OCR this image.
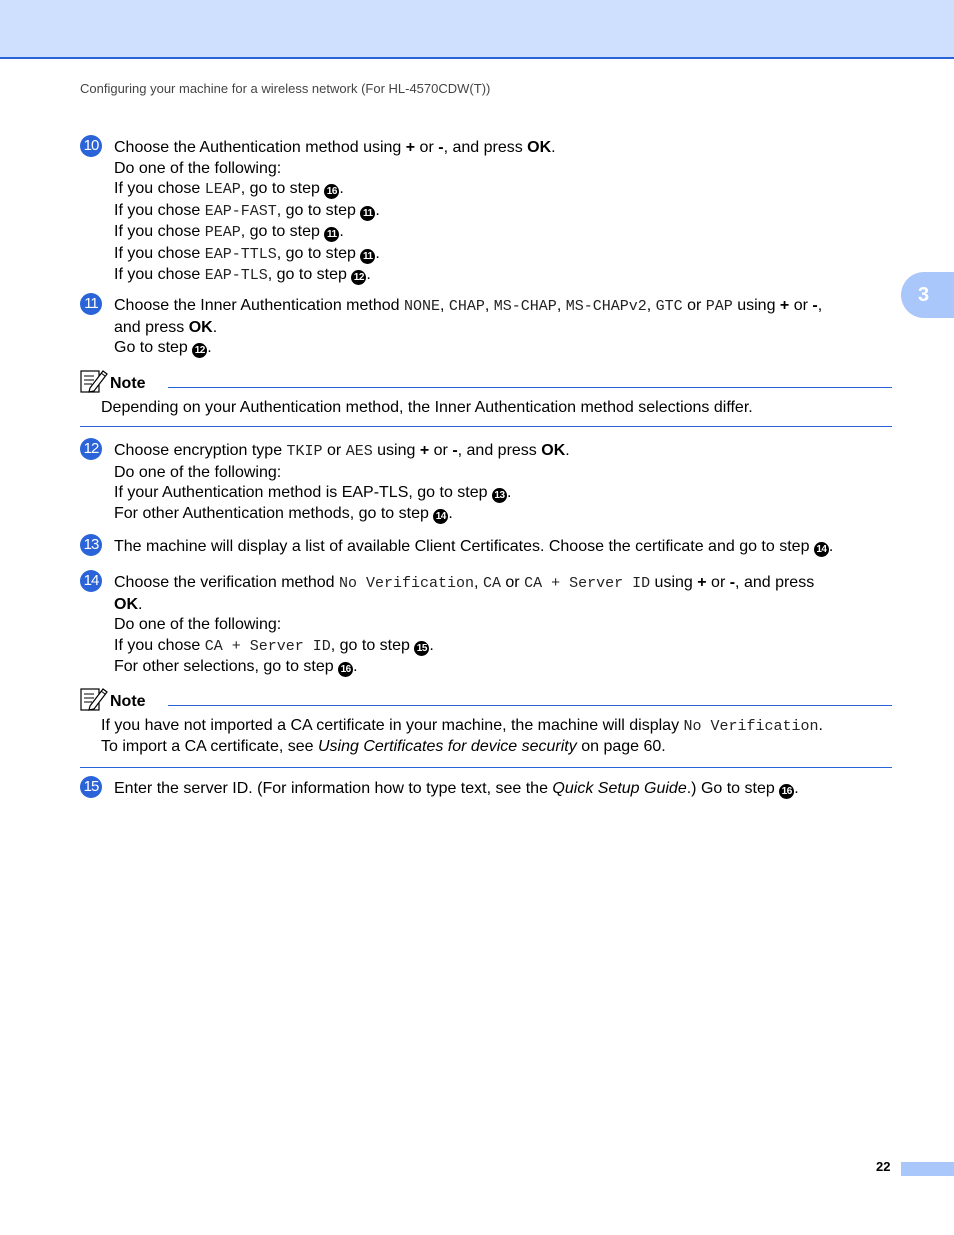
Configuring your machine for a wireless network (For HL-4570CDW(T))
3
10 Choose the Authentication method using + or -, and press OK.
Do one of the following:
If you chose LEAP, go to step 16 .
If you chose EAP-FAST, go to step 11 .
If you chose PEAP, go to step 11 .
If you chose EAP-TTLS, go to step 11 .
If you chose EAP-TLS, go to step 12 .
11 Choose the Inner Authentication method NONE, CHAP, MS-CHAP, MS-CHAPv2, GTC or PAP using + or -,
and press OK.
Go to step 12 .
Note
Depending on your Authentication method, the Inner Authentication method selections differ.
12 Choose encryption type TKIP or AES using + or -, and press OK.
Do one of the following:
If your Authentication method is EAP-TLS, go to step 13 .
For other Authentication methods, go to step 14 .
13 The machine will display a list of available Client Certificates. Choose the certificate and go to step 14 .
14 Choose the verification method No Verification, CA or CA + Server ID using + or -, and press
OK.
Do one of the following:
If you chose CA + Server ID, go to step 15 .
For other selections, go to step 16 .
Note
If you have not imported a CA certificate in your machine, the machine will display No Verification.
To import a CA certificate, see Using Certificates for device security on page 60.
15 Enter the server ID. (For information how to type text, see the Quick Setup Guide.) Go to step 16 .
22
